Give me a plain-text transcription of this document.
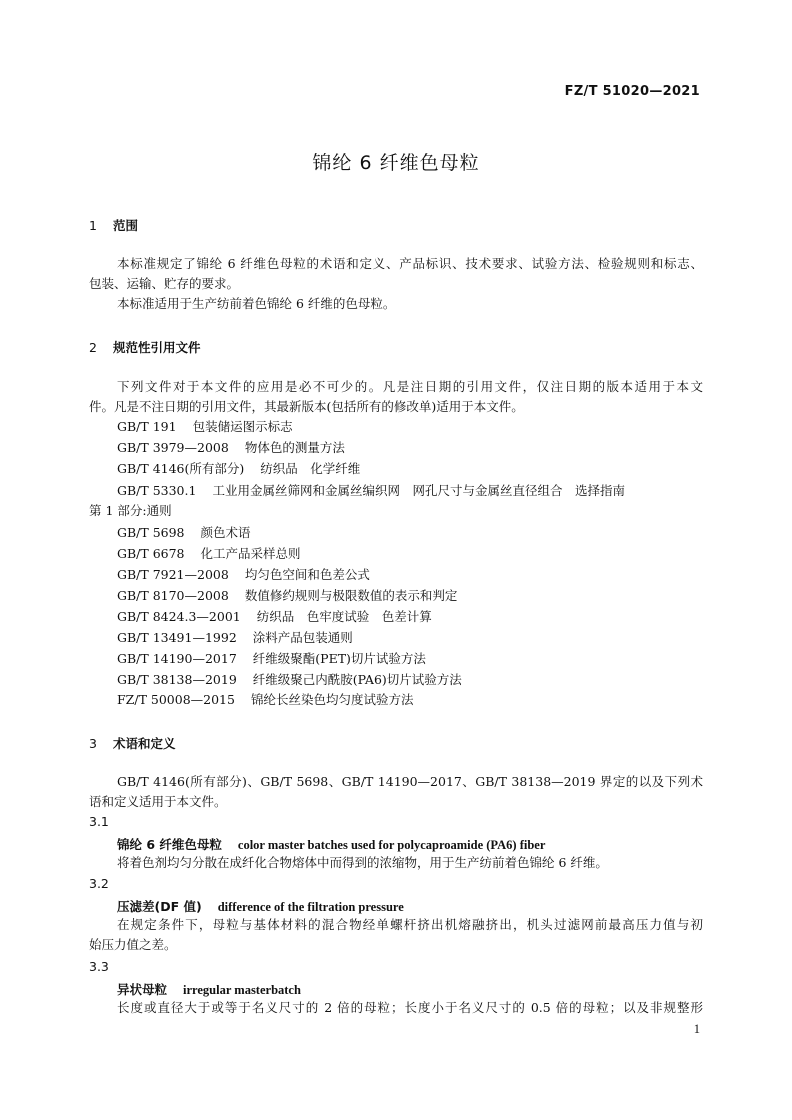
FZ/T 51020—2021
锦纶 6 纤维色母粒
1 范围
本标准规定了锦纶 6 纤维色母粒的术语和定义、产品标识、技术要求、试验方法、检验规则和标志、
包装、运输、贮存的要求。
本标准适用于生产纺前着色锦纶 6 纤维的色母粒。
2 规范性引用文件
下列文件对于本文件的应用是必不可少的。凡是注日期的引用文件，仅注日期的版本适用于本文
件。凡是不注日期的引用文件，其最新版本(包括所有的修改单)适用于本文件。
GB/T 191 包装储运图示标志
GB/T 3979—2008 物体色的测量方法
GB/T 4146(所有部分) 纺织品　化学纤维
GB/T 5330.1 工业用金属丝筛网和金属丝编织网　网孔尺寸与金属丝直径组合　选择指南
第 1 部分:通则
GB/T 5698 颜色术语
GB/T 6678 化工产品采样总则
GB/T 7921—2008 均匀色空间和色差公式
GB/T 8170—2008 数值修约规则与极限数值的表示和判定
GB/T 8424.3—2001 纺织品　色牢度试验　色差计算
GB/T 13491—1992 涂料产品包装通则
GB/T 14190—2017 纤维级聚酯(PET)切片试验方法
GB/T 38138—2019 纤维级聚己内酰胺(PA6)切片试验方法
FZ/T 50008—2015 锦纶长丝染色均匀度试验方法
3 术语和定义
GB/T 4146(所有部分)、GB/T 5698、GB/T 14190—2017、GB/T 38138—2019 界定的以及下列术
语和定义适用于本文件。
3.1
锦纶 6 纤维色母粒 color master batches used for polycaproamide (PA6) fiber
将着色剂均匀分散在成纤化合物熔体中而得到的浓缩物，用于生产纺前着色锦纶 6 纤维。
3.2
压滤差(DF 值) difference of the filtration pressure
在规定条件下，母粒与基体材料的混合物经单螺杆挤出机熔融挤出，机头过滤网前最高压力值与初
始压力值之差。
3.3
异状母粒 irregular masterbatch
长度或直径大于或等于名义尺寸的 2 倍的母粒；长度小于名义尺寸的 0.5 倍的母粒；以及非规整形
1
